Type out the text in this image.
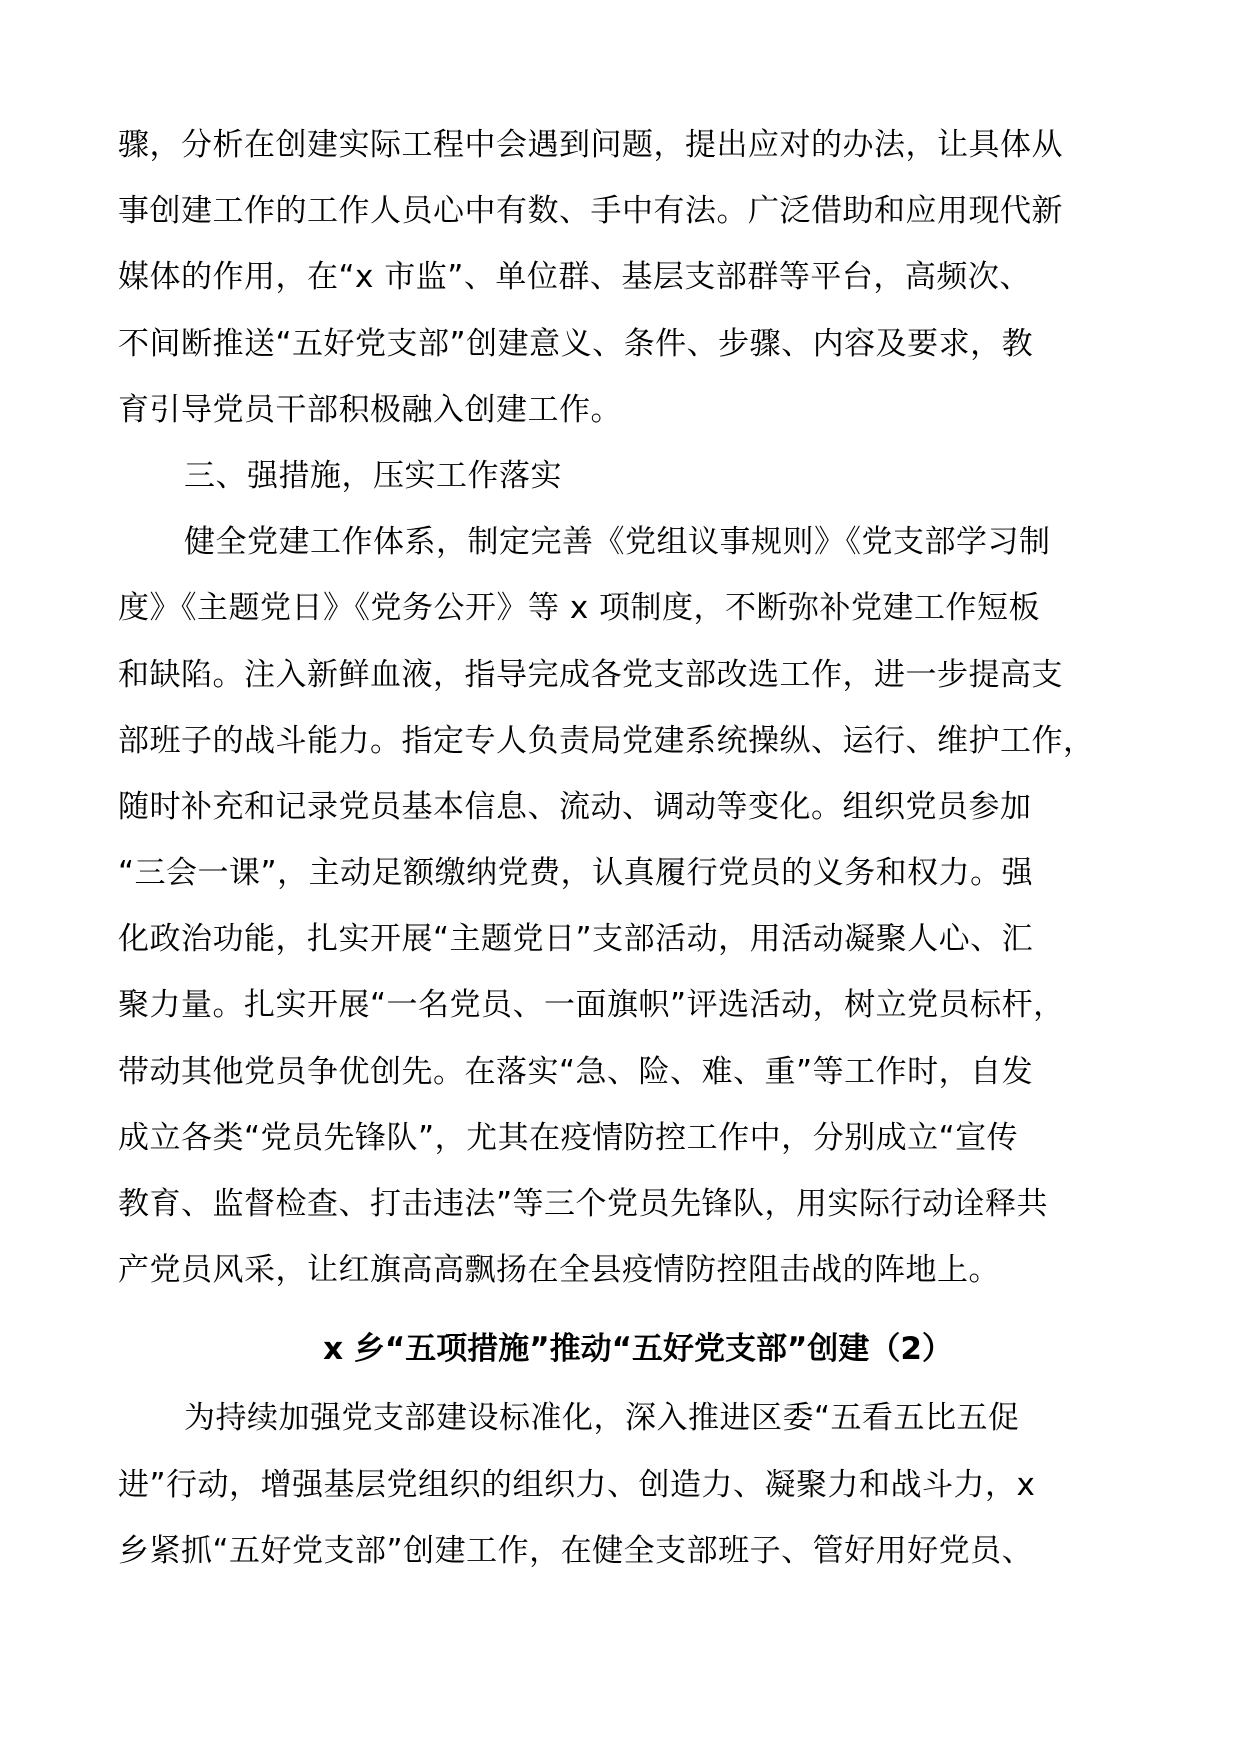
骤，分析在创建实际工程中会遇到问题，提出应对的办法，让具体从
事创建工作的工作人员心中有数、手中有法。广泛借助和应用现代新
媒体的作用，在“x 市监”、单位群、基层支部群等平台，高频次、
不间断推送“五好党支部”创建意义、条件、步骤、内容及要求，教
育引导党员干部积极融入创建工作。
三、强措施，压实工作落实
健全党建工作体系，制定完善《党组议事规则》《党支部学习制
度》《主题党日》《党务公开》等 x 项制度，不断弥补党建工作短板
和缺陷。注入新鲜血液，指导完成各党支部改选工作，进一步提高支
部班子的战斗能力。指定专人负责局党建系统操纵、运行、维护工作，
随时补充和记录党员基本信息、流动、调动等变化。组织党员参加
“三会一课”，主动足额缴纳党费，认真履行党员的义务和权力。强
化政治功能，扎实开展“主题党日”支部活动，用活动凝聚人心、汇
聚力量。扎实开展“一名党员、一面旗帜”评选活动，树立党员标杆，
带动其他党员争优创先。在落实“急、险、难、重”等工作时，自发
成立各类“党员先锋队”，尤其在疫情防控工作中，分别成立“宣传
教育、监督检查、打击违法”等三个党员先锋队，用实际行动诠释共
产党员风采，让红旗高高飘扬在全县疫情防控阻击战的阵地上。
x 乡“五项措施”推动“五好党支部”创建（2）
为持续加强党支部建设标准化，深入推进区委“五看五比五促
进”行动，增强基层党组织的组织力、创造力、凝聚力和战斗力，x
乡紧抓“五好党支部”创建工作，在健全支部班子、管好用好党员、
